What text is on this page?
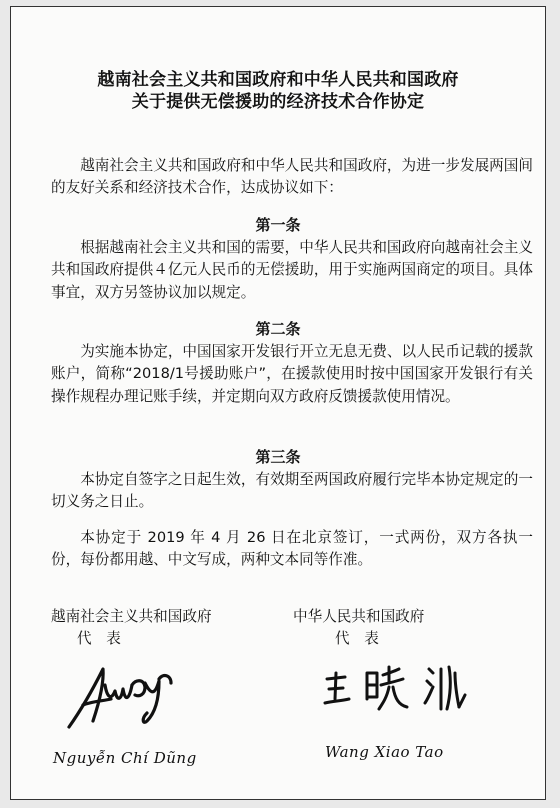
越南社会主义共和国政府和中华人民共和国政府
关于提供无偿援助的经济技术合作协定
越南社会主义共和国政府和中华人民共和国政府，为进一步发展两国间的友好关系和经济技术合作，达成协议如下：
第一条
根据越南社会主义共和国的需要，中华人民共和国政府向越南社会主义共和国政府提供４亿元人民币的无偿援助，用于实施两国商定的项目。具体事宜，双方另签协议加以规定。
第二条
为实施本协定，中国国家开发银行开立无息无费、以人民币记载的援款账户，简称“2018/1号援助账户”，在援款使用时按中国国家开发银行有关操作规程办理记账手续，并定期向双方政府反馈援款使用情况。
第三条
本协定自签字之日起生效，有效期至两国政府履行完毕本协定规定的一切义务之日止。
本协定于 2019 年 4 月 26 日在北京签订，一式两份，双方各执一份，每份都用越、中文写成，两种文本同等作准。
越南社会主义共和国政府
代　表
Nguyễn Chí Dũng
中华人民共和国政府
代　表
Wang Xiao Tao
